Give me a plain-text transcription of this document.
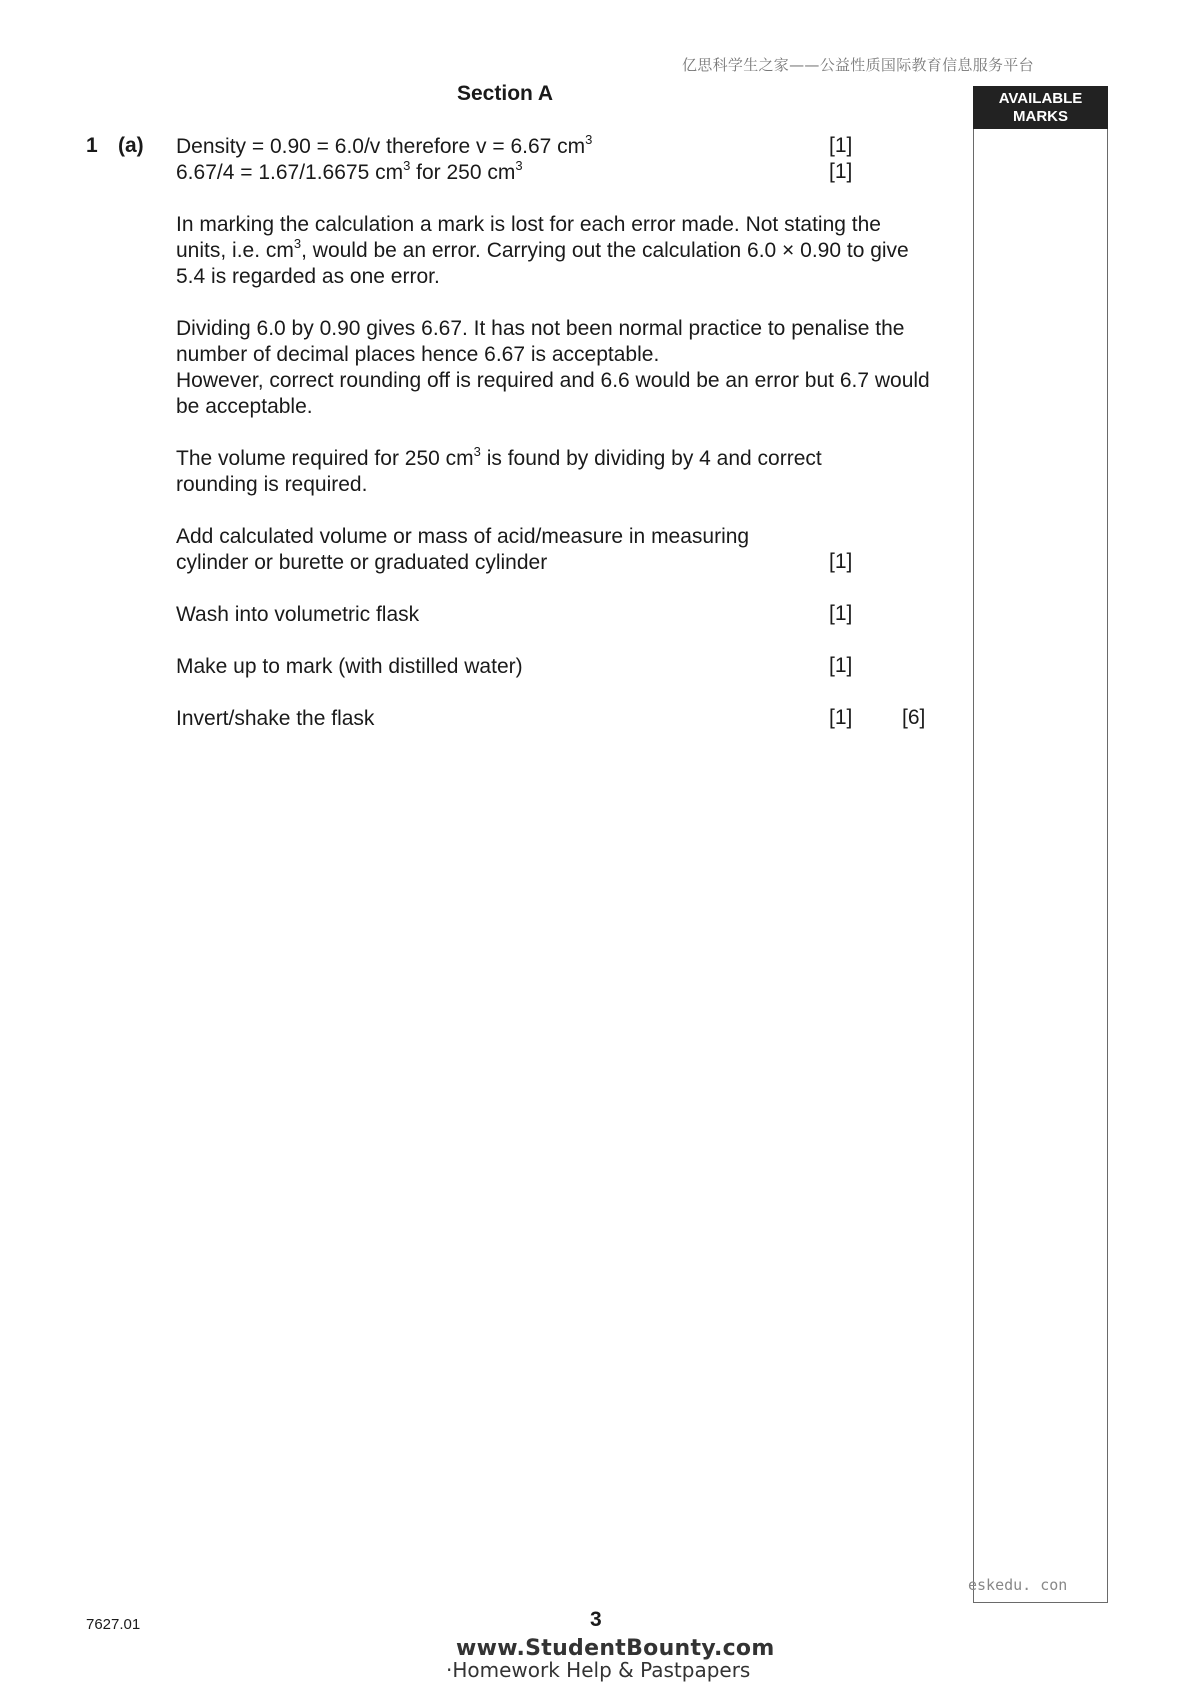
亿思科学生之家——公益性质国际教育信息服务平台
Section A	AVAILABLE
MARKS
1 (a) Density = 0.90 = 6.0/v therefore v = 6.67 $cm^3$	[1]
6.67/4 = 1.67/1.6675 $cm^3$ for 250 $cm^3$	[1]
In marking the calculation a mark is lost for each error made. Not stating the units, i.e. $cm^3$, would be an error. Carrying out the calculation 6.0 × 0.90 to give 5.4 is regarded as one error.

Dividing 6.0 by 0.90 gives 6.67. It has not been normal practice to penalise the number of decimal places hence 6.67 is acceptable.

However, correct rounding off is required and 6.6 would be an error but 6.7 would be acceptable.

The volume required for 250 $cm^3$ is found by dividing by 4 and correct rounding is required.

Add calculated volume or mass of acid/measure in measuring

cylinder or burette or graduated cylinder	[1]
Wash into volumetric flask	[1]
Make up to mark (with distilled water)	[1]
Invert/shake the flask	[1] [6]
eskedu. con
7627.01	3
www.StudentBounty.com
·Homework Help & Pastpapers
